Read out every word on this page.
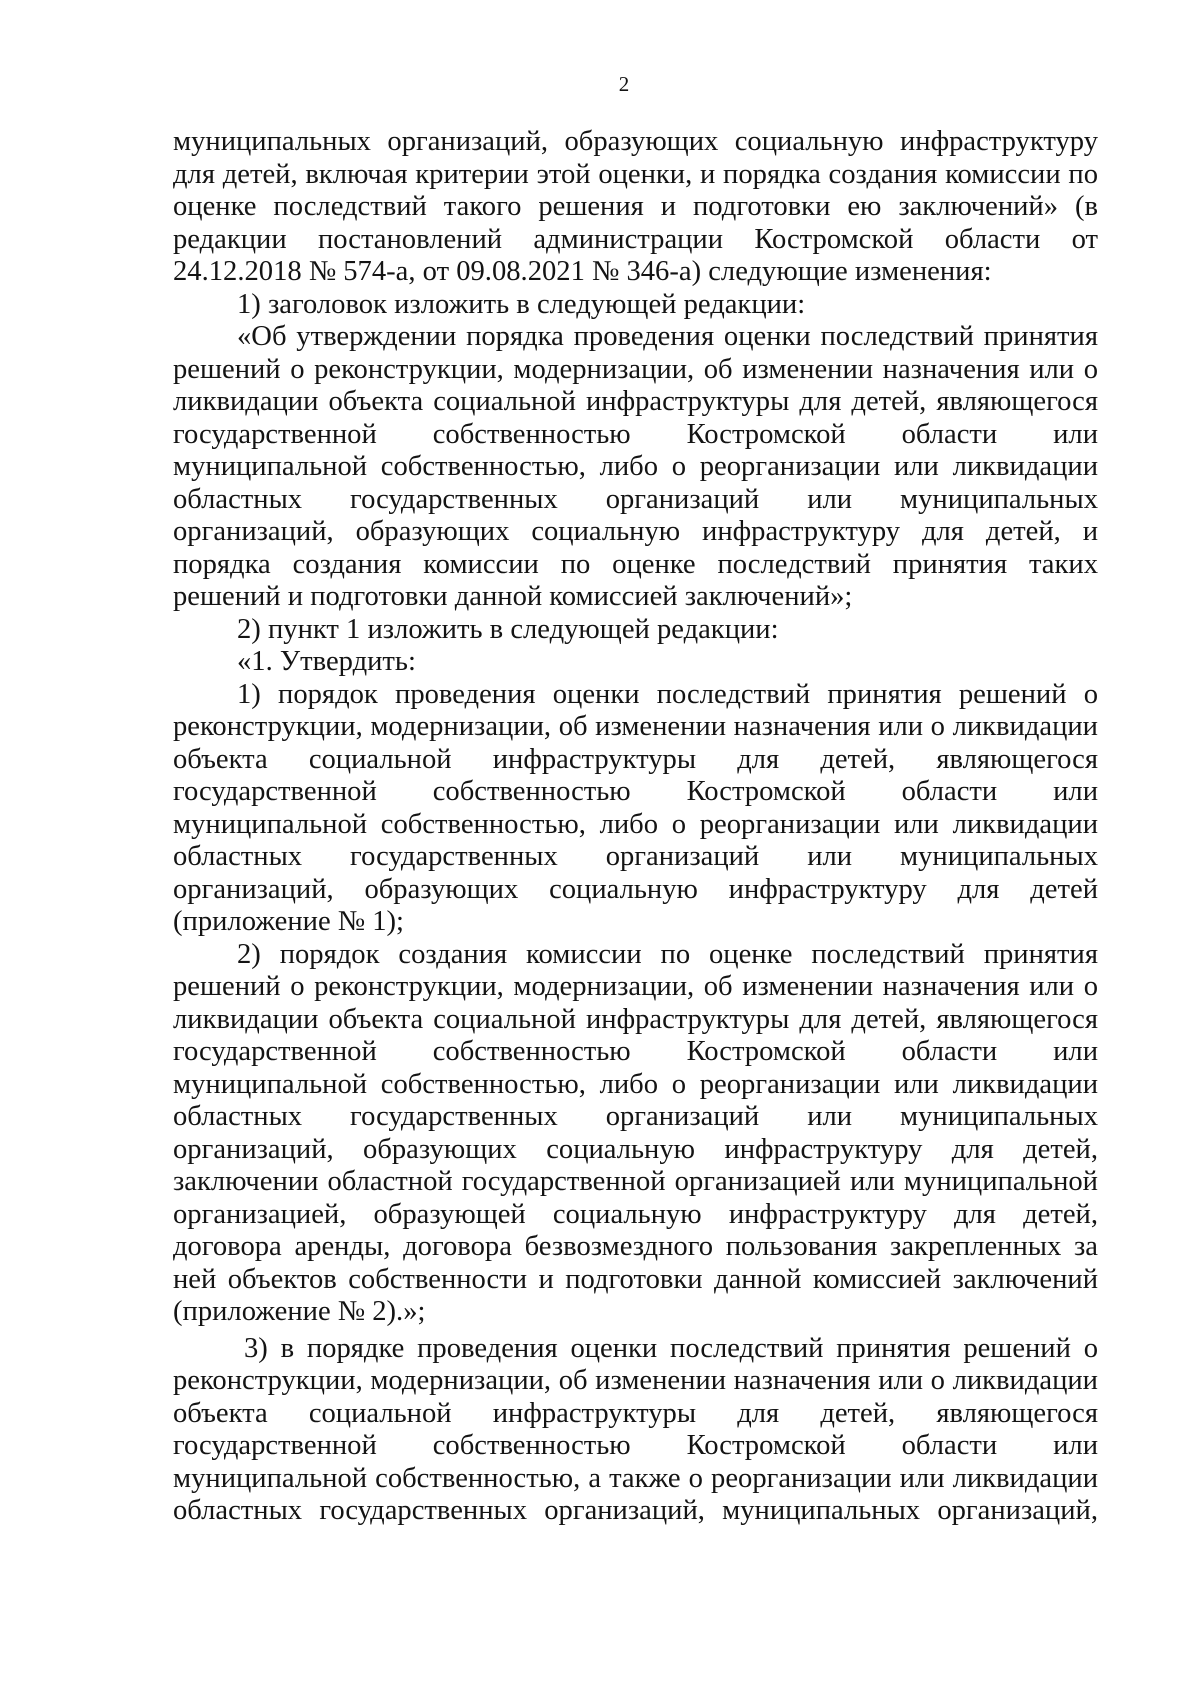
2

муниципальных организаций, образующих социальную инфраструктуру для детей, включая критерии этой оценки, и порядка создания комиссии по оценке последствий такого решения и подготовки ею заключений» (в редакции постановлений администрации Костромской области от 24.12.2018 № 574-а, от 09.08.2021 № 346-а) следующие изменения:

1) заголовок изложить в следующей редакции:

«Об утверждении порядка проведения оценки последствий принятия решений о реконструкции, модернизации, об изменении назначения или о ликвидации объекта социальной инфраструктуры для детей, являющегося государственной собственностью Костромской области или муниципальной собственностью, либо о реорганизации или ликвидации областных государственных организаций или муниципальных организаций, образующих социальную инфраструктуру для детей, и порядка создания комиссии по оценке последствий принятия таких решений и подготовки данной комиссией заключений»;

2) пункт 1 изложить в следующей редакции:

«1. Утвердить:

1) порядок проведения оценки последствий принятия решений о реконструкции, модернизации, об изменении назначения или о ликвидации объекта социальной инфраструктуры для детей, являющегося государственной собственностью Костромской области или муниципальной собственностью, либо о реорганизации или ликвидации областных государственных организаций или муниципальных организаций, образующих социальную инфраструктуру для детей (приложение № 1);

2) порядок создания комиссии по оценке последствий принятия решений о реконструкции, модернизации, об изменении назначения или о ликвидации объекта социальной инфраструктуры для детей, являющегося государственной собственностью Костромской области или муниципальной собственностью, либо о реорганизации или ликвидации областных государственных организаций или муниципальных организаций, образующих социальную инфраструктуру для детей, заключении областной государственной организацией или муниципальной организацией, образующей социальную инфраструктуру для детей, договора аренды, договора безвозмездного пользования закрепленных за ней объектов собственности и подготовки данной комиссией заключений (приложение № 2).»;

3) в порядке проведения оценки последствий принятия решений о реконструкции, модернизации, об изменении назначения или о ликвидации объекта социальной инфраструктуры для детей, являющегося государственной собственностью Костромской области или муниципальной собственностью, а также о реорганизации или ликвидации областных государственных организаций, муниципальных организаций,
